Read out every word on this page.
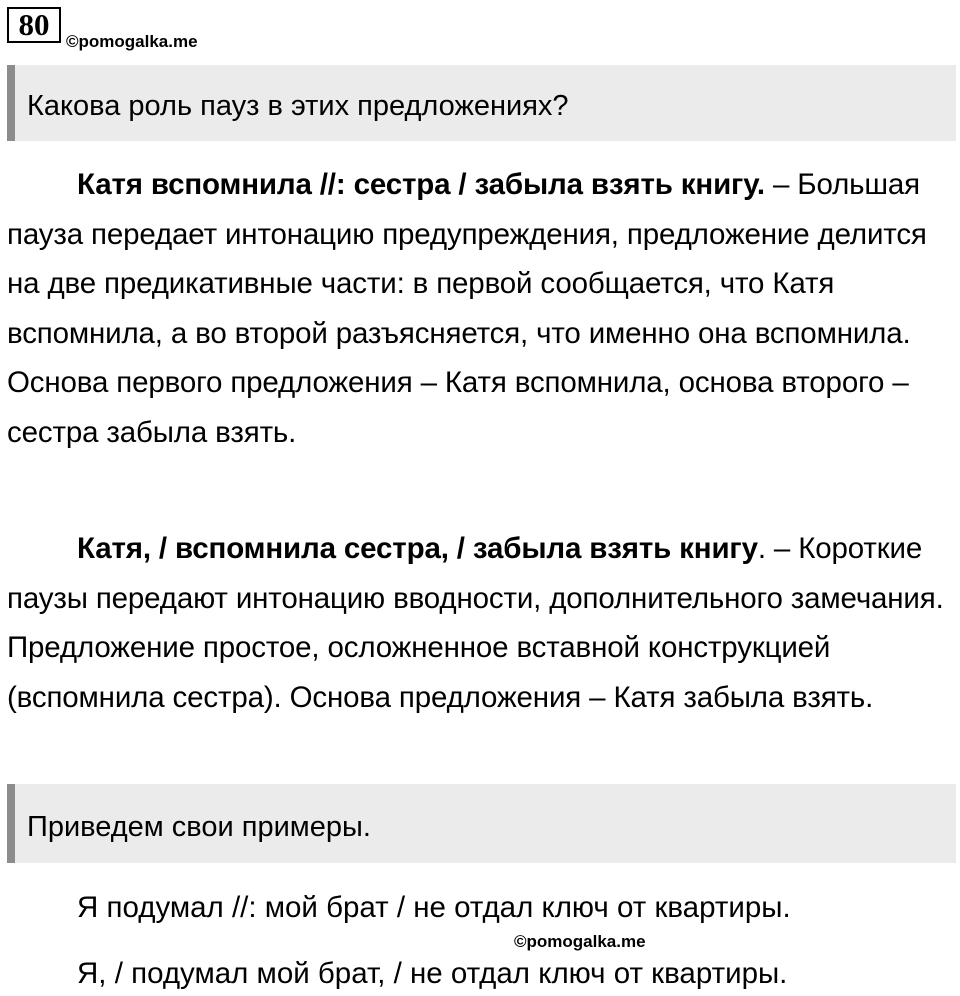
80 ©pomogalka.me
Какова роль пауз в этих предложениях?

Катя вспомнила //: сестра / забыла взять книгу. – Большая пауза передает интонацию предупреждения, предложение делится на две предикативные части: в первой сообщается, что Катя вспомнила, а во второй разъясняется, что именно она вспомнила. Основа первого предложения – Катя вспомнила, основа второго – сестра забыла взять.

Катя, / вспомнила сестра, / забыла взять книгу. – Короткие паузы передают интонацию вводности, дополнительного замечания. Предложение простое, осложненное вставной конструкцией (вспомнила сестра). Основа предложения – Катя забыла взять.

Приведем свои примеры.
Я подумал //: мой брат / не отдал ключ от квартиры.
©pomogalka.me
Я, / подумал мой брат, / не отдал ключ от квартиры.
